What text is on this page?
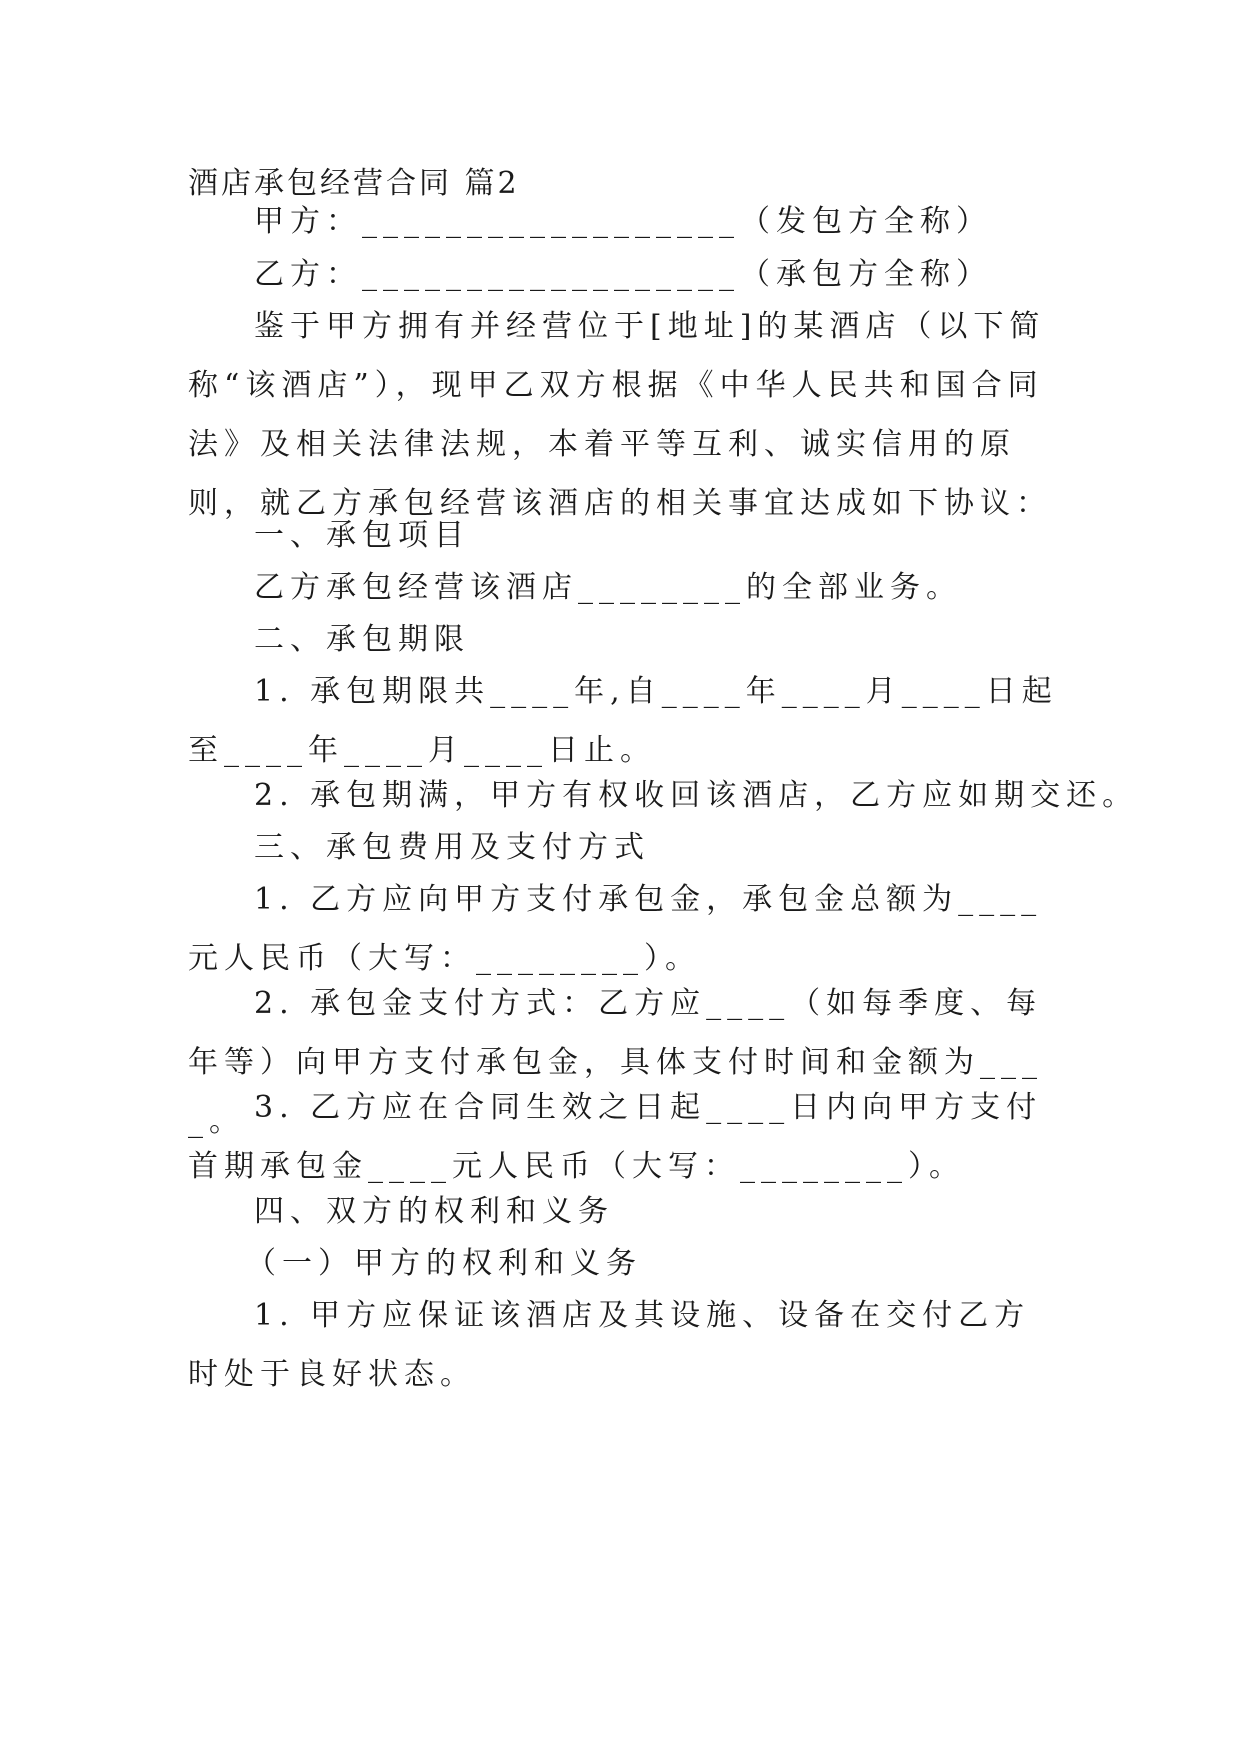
酒店承包经营合同 篇2
甲方：__________________（发包方全称）
乙方：__________________（承包方全称）
鉴于甲方拥有并经营位于[地址]的某酒店（以下简称“该酒店”），现甲乙双方根据《中华人民共和国合同法》及相关法律法规，本着平等互利、诚实信用的原则，就乙方承包经营该酒店的相关事宜达成如下协议：
一、承包项目
乙方承包经营该酒店________的全部业务。
二、承包期限
1. 承包期限共____年,自____年____月____日起至____年____月____日止。
2. 承包期满，甲方有权收回该酒店，乙方应如期交还。
三、承包费用及支付方式
1. 乙方应向甲方支付承包金，承包金总额为____元人民币（大写：________）。
2. 承包金支付方式：乙方应____（如每季度、每年等）向甲方支付承包金，具体支付时间和金额为____。 3. 乙方应在合同生效之日起____日内向甲方支付首期承包金____元人民币（大写：________）。
四、双方的权利和义务
（一）甲方的权利和义务
1. 甲方应保证该酒店及其设施、设备在交付乙方时处于良好状态。
